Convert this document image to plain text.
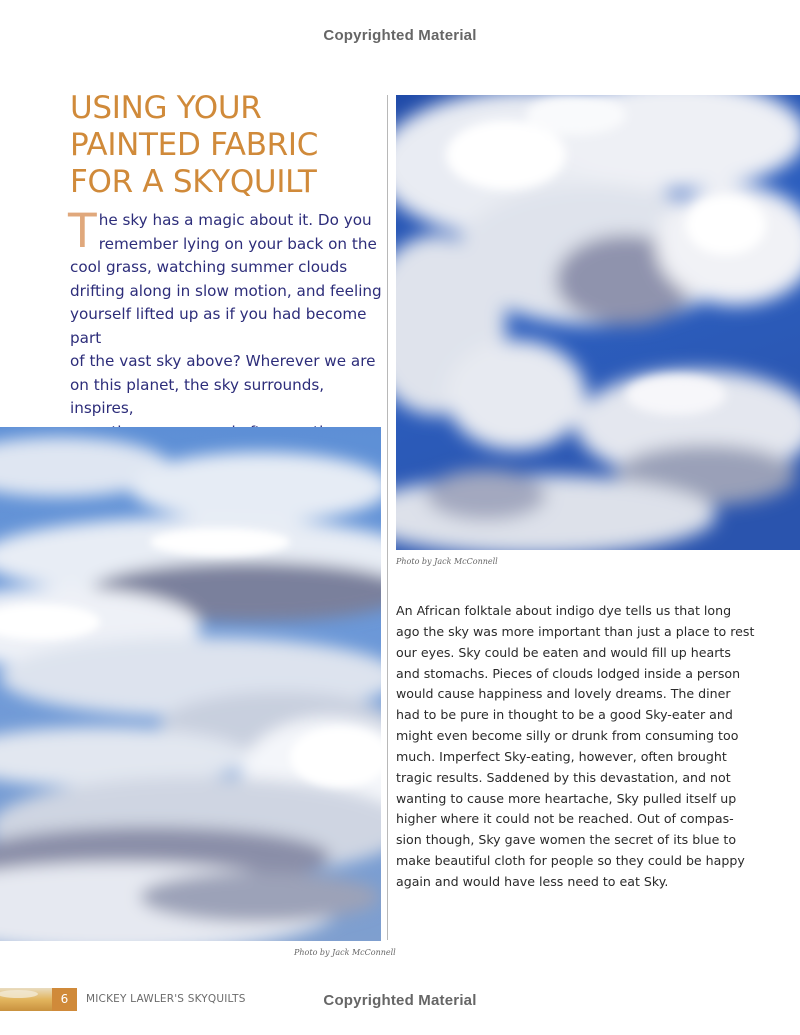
Copyrighted Material
Copyrighted Material
USING YOUR
PAINTED FABRIC
FOR A SKYQUILT
T he sky has a magic about it. Do you
remember lying on your back on the
cool grass, watching summer clouds
drifting along in slow motion, and feeling
yourself lifted up as if you had become part
of the vast sky above? Wherever we are
on this planet, the sky surrounds, inspires,

Photo by Jack McConnell
Photo by Jack McConnell
An African folktale about indigo dye tells us that long
ago the sky was more important than just a place to rest
our eyes. Sky could be eaten and would fill up hearts
and stomachs. Pieces of clouds lodged inside a person
would cause happiness and lovely dreams. The diner
had to be pure in thought to be a good Sky-eater and
might even become silly or drunk from consuming too
much. Imperfect Sky-eating, however, often brought
tragic results. Saddened by this devastation, and not
wanting to cause more heartache, Sky pulled itself up
higher where it could not be reached. Out of compas-
sion though, Sky gave women the secret of its blue to
make beautiful cloth for people so they could be happy
again and would have less need to eat Sky.
6	MICKEY LAWLER'S SKYQUILTS
